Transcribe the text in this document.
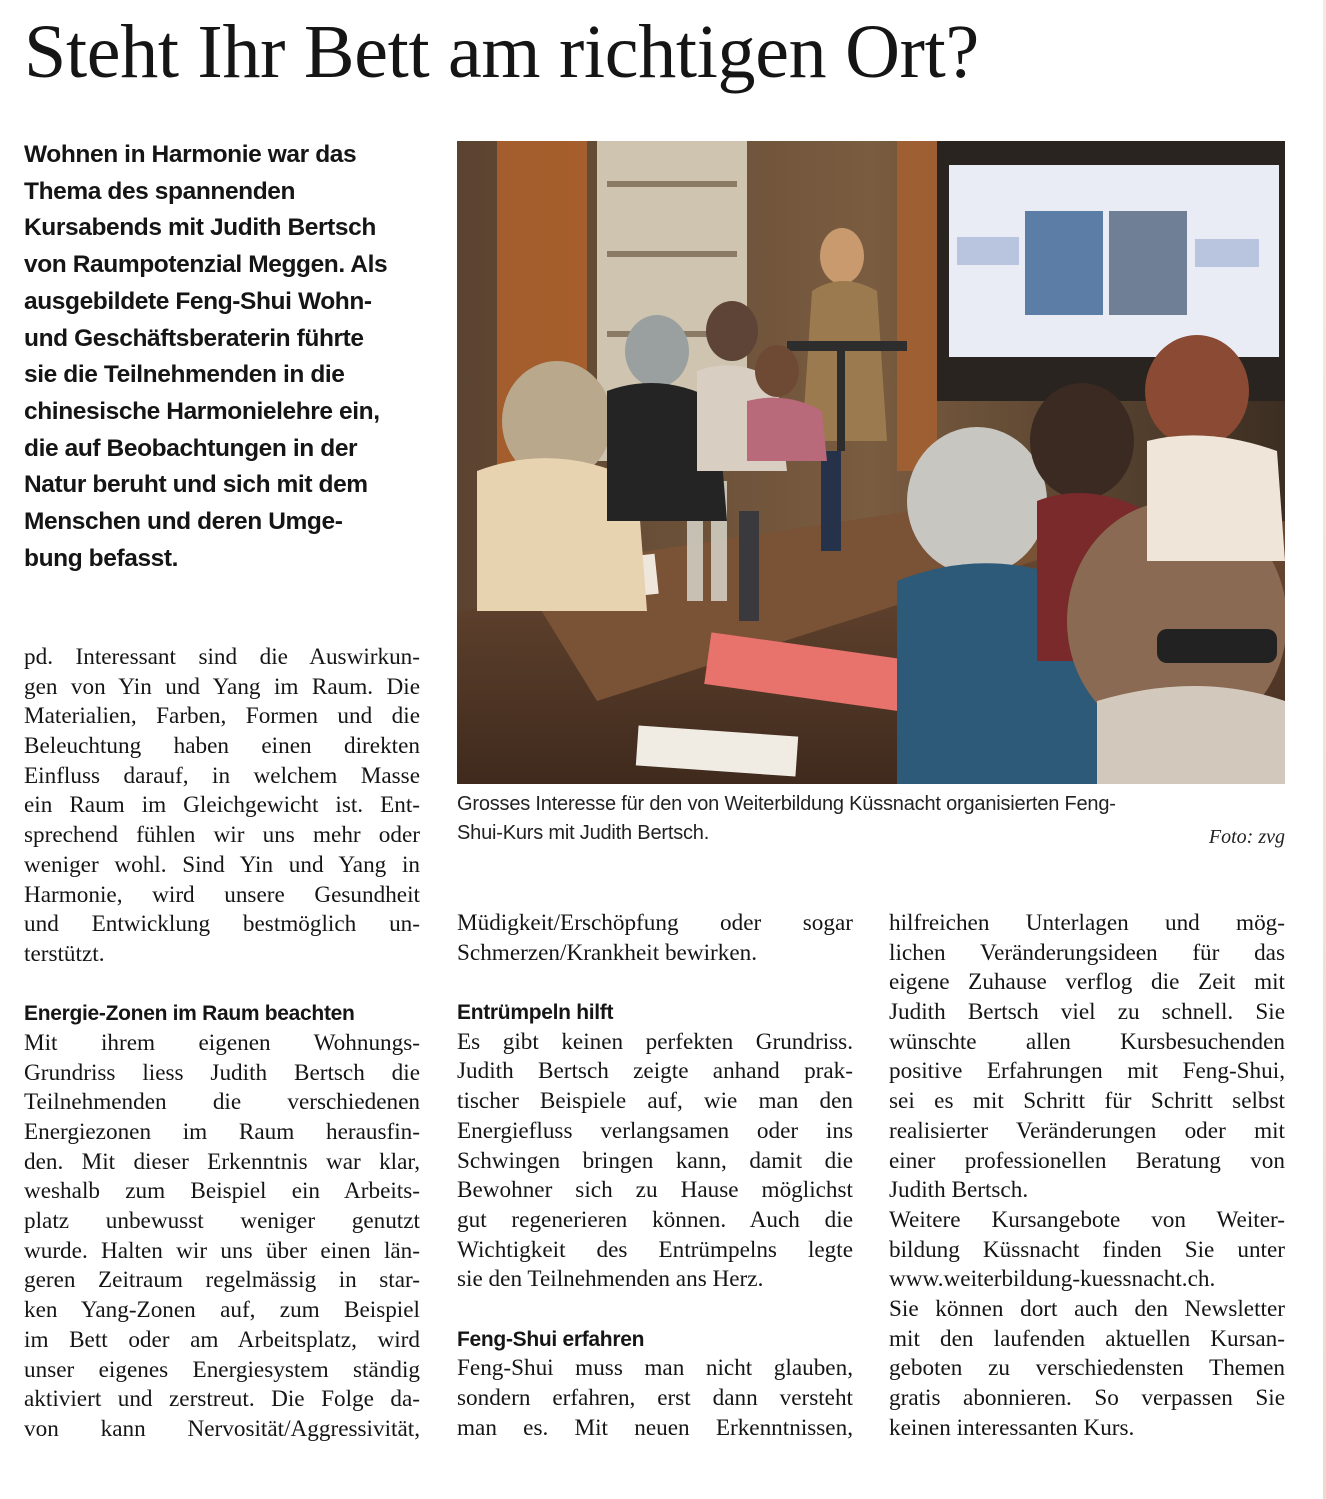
Steht Ihr Bett am richtigen Ort?
Wohnen in Harmonie war das
Thema des spannenden
Kursabends mit Judith Bertsch
von Raumpotenzial Meggen. Als
ausgebildete Feng-Shui Wohn-
und Geschäftsberaterin führte
sie die Teilnehmenden in die
chinesische Harmonielehre ein,
die auf Beobachtungen in der
Natur beruht und sich mit dem
Menschen und deren Umge-
bung befasst.
Grosses Interesse für den von Weiterbildung Küssnacht organisierten Feng-
Shui-Kurs mit Judith Bertsch.	Foto: zvg

pd. Interessant sind die Auswirkun-
gen von Yin und Yang im Raum. Die
Materialien, Farben, Formen und die
Beleuchtung haben einen direkten
Einfluss darauf, in welchem Masse
ein Raum im Gleichgewicht ist. Ent-
sprechend fühlen wir uns mehr oder
weniger wohl. Sind Yin und Yang in
Harmonie, wird unsere Gesundheit
und Entwicklung bestmöglich un-
terstützt.

Energie-Zonen im Raum beachten

Mit ihrem eigenen Wohnungs-
Grundriss liess Judith Bertsch die
Teilnehmenden die verschiedenen
Energiezonen im Raum herausfin-
den. Mit dieser Erkenntnis war klar,
weshalb zum Beispiel ein Arbeits-
platz unbewusst weniger genutzt
wurde. Halten wir uns über einen län-
geren Zeitraum regelmässig in star-
ken Yang-Zonen auf, zum Beispiel
im Bett oder am Arbeitsplatz, wird
unser eigenes Energiesystem ständig
aktiviert und zerstreut. Die Folge da-
von kann Nervosität/Aggressivität,

Müdigkeit/Erschöpfung oder sogar
Schmerzen/Krankheit bewirken.

Entrümpeln hilft

Es gibt keinen perfekten Grundriss.
Judith Bertsch zeigte anhand prak-
tischer Beispiele auf, wie man den
Energiefluss verlangsamen oder ins
Schwingen bringen kann, damit die
Bewohner sich zu Hause möglichst
gut regenerieren können. Auch die
Wichtigkeit des Entrümpelns legte
sie den Teilnehmenden ans Herz.

Feng-Shui erfahren

Feng-Shui muss man nicht glauben,
sondern erfahren, erst dann versteht
man es. Mit neuen Erkenntnissen,

hilfreichen Unterlagen und mög-
lichen Veränderungsideen für das
eigene Zuhause verflog die Zeit mit
Judith Bertsch viel zu schnell. Sie
wünschte allen Kursbesuchenden
positive Erfahrungen mit Feng-Shui,
sei es mit Schritt für Schritt selbst
realisierter Veränderungen oder mit
einer professionellen Beratung von
Judith Bertsch.

Weitere Kursangebote von Weiter-
bildung Küssnacht finden Sie unter
www.weiterbildung-kuessnacht.ch.
Sie können dort auch den Newsletter
mit den laufenden aktuellen Kursan-
geboten zu verschiedensten Themen
gratis abonnieren. So verpassen Sie
keinen interessanten Kurs.
